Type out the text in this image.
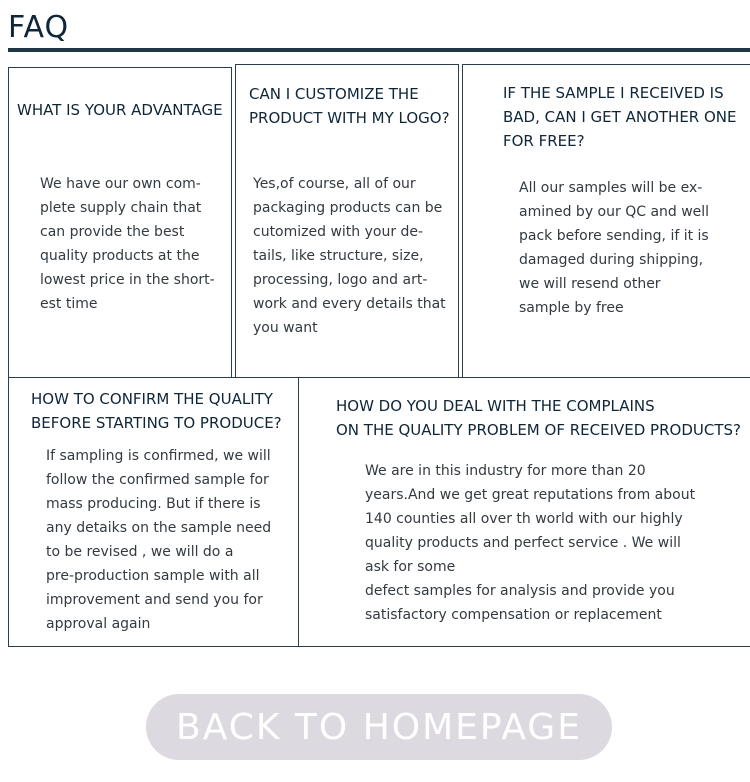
FAQ

WHAT IS YOUR ADVANTAGE

We have our own com-
plete supply chain that
can provide the best
quality products at the
lowest price in the short-
est time

CAN I CUSTOMIZE THE
PRODUCT WITH MY LOGO?

Yes,of course, all of our
packaging products can be
cutomized with your de-
tails, like structure, size,
processing, logo and art-
work and every details that
you want

IF THE SAMPLE I RECEIVED IS
BAD, CAN I GET ANOTHER ONE
FOR FREE?

All our samples will be ex-
amined by our QC and well
pack before sending, if it is
damaged during shipping,
we will resend other
sample by free

HOW TO CONFIRM THE QUALITY
BEFORE STARTING TO PRODUCE?

If sampling is confirmed, we will
follow the confirmed sample for
mass producing. But if there is
any detaiks on the sample need
to be revised , we will do a
pre-production sample with all
improvement and send you for
approval again

HOW DO YOU DEAL WITH THE COMPLAINS
ON THE QUALITY PROBLEM OF RECEIVED PRODUCTS?

We are in this industry for more than 20
years.And we get great reputations from about
140 counties all over th world with our highly
quality products and perfect service . We will
ask for some
defect samples for analysis and provide you
satisfactory compensation or replacement

BACK TO HOMEPAGE
